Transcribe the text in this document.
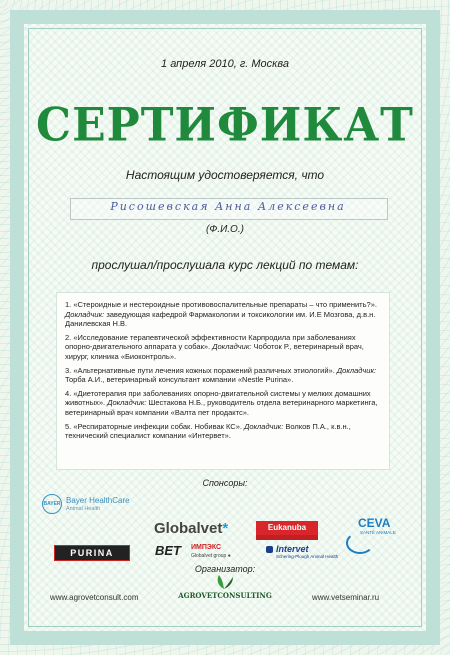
1 апреля 2010, г. Москва
СЕРТИФИКАТ
Настоящим удостоверяется, что
Рисошевская Анна Алексеевна
(Ф.И.О.)
прослушал/прослушала курс лекций по темам:
1. «Стероидные и нестероидные противовоспалительные препараты – что применить?». Докладчик: заведующая кафедрой Фармакологии и токсикологии им. И.Е Мозгова, д.в.н. Данилевская Н.В.
2. «Исследование терапевтической эффективности Карпродила при заболеваниях опорно-двигательного аппарата у собак». Докладчик: Чоботок Р., ветеринарный врач, хирург, клиника «Биоконтроль».
3. «Альтернативные пути лечения кожных поражений различных этиологий». Докладчик: Торба А.И., ветеринарный консультант компании «Nestle Purina».
4. «Диетотерапия при заболеваниях опорно-двигательной системы у мелких домашних животных». Докладчик: Шестакова Н.Б., руководитель отдела ветеринарного маркетинга, ветеринарный врач компании «Валта пет продактс».
5. «Респираторные инфекции собак. Нобивак КС». Докладчик: Волков П.А., к.в.н., технический специалист компании «Интервет».
Спонсоры:
BAYER Bayer HealthCare
Animal Health
Globalvet*	Eukanuba	CEVA
SANTÉ ANIMALE
PURINA	ВЕТ ИМПЭКС
Globalvet group ●
Intervet
Schering-Plough Animal Health
Организатор:
AGROVETCONSULTING
www.agrovetconsult.com	www.vetseminar.ru
